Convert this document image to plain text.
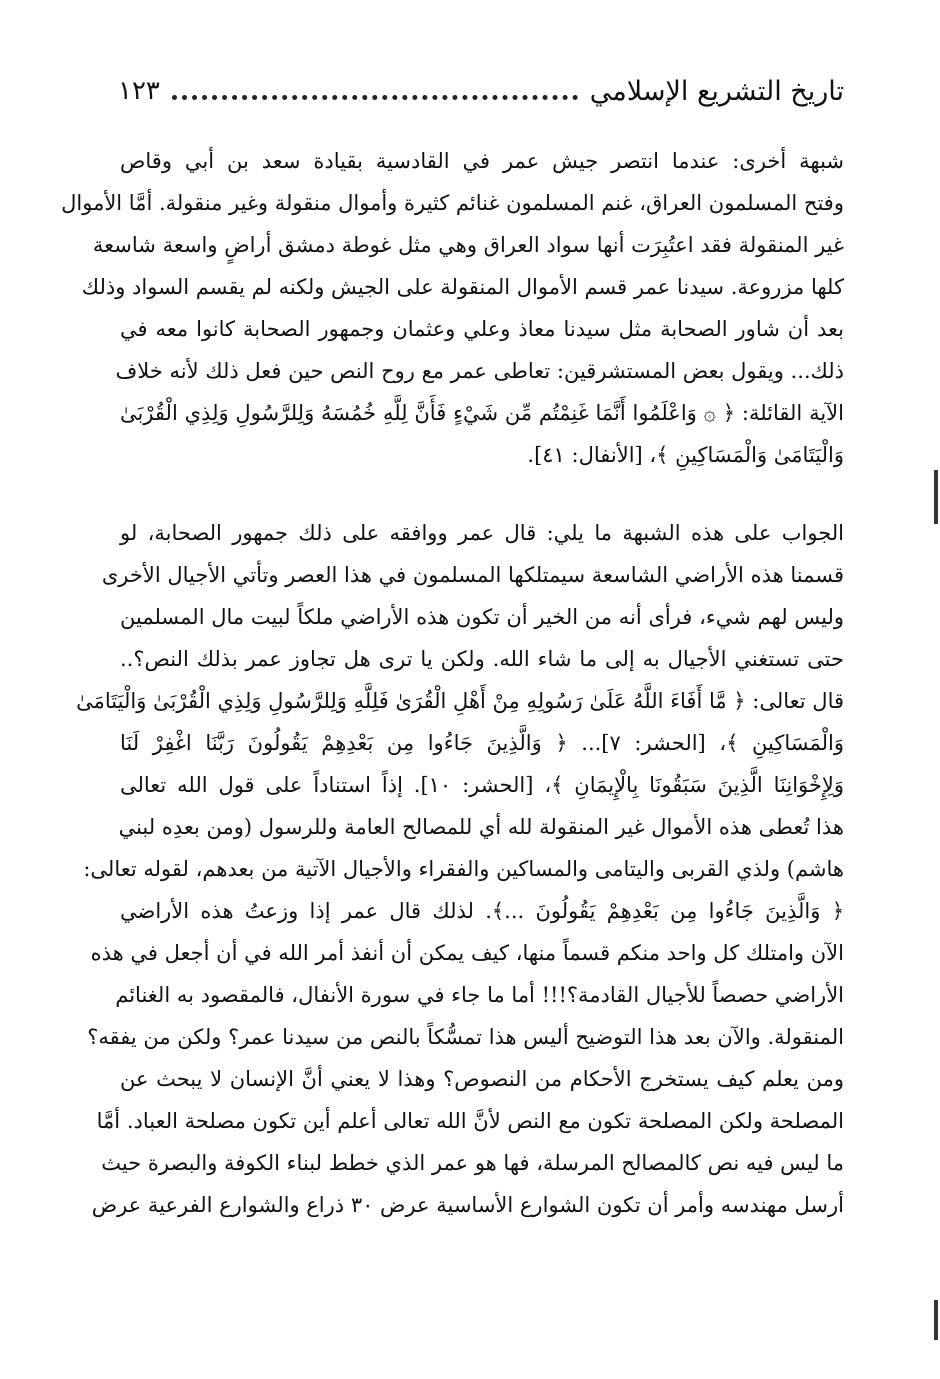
تاريخ التشريع الإسلامي
١٢٣
شبهة أخرى: عندما انتصر جيش عمر في القادسية بقيادة سعد بن أبي وقاص
وفتح المسلمون العراق، غنم المسلمون غنائم كثيرة وأموال منقولة وغير منقولة. أمَّا الأموال
غير المنقولة فقد اعتُبِرَت أنها سواد العراق وهي مثل غوطة دمشق أراضٍ واسعة شاسعة
كلها مزروعة. سيدنا عمر قسم الأموال المنقولة على الجيش ولكنه لم يقسم السواد وذلك
بعد أن شاور الصحابة مثل سيدنا معاذ وعلي وعثمان وجمهور الصحابة كانوا معه في
ذلك... ويقول بعض المستشرقين: تعاطى عمر مع روح النص حين فعل ذلك لأنه خلاف
الآية القائلة: ﴿ ۞ وَاعْلَمُوا أَنَّمَا غَنِمْتُم مِّن شَيْءٍ فَأَنَّ لِلَّهِ خُمُسَهُ وَلِلرَّسُولِ وَلِذِي الْقُرْبَىٰ
وَالْيَتَامَىٰ وَالْمَسَاكِينِ ﴾، [الأنفال: ٤١].
الجواب على هذه الشبهة ما يلي: قال عمر ووافقه على ذلك جمهور الصحابة، لو
قسمنا هذه الأراضي الشاسعة سيمتلكها المسلمون في هذا العصر وتأتي الأجيال الأخرى
وليس لهم شيء، فرأى أنه من الخير أن تكون هذه الأراضي ملكاً لبيت مال المسلمين
حتى تستغني الأجيال به إلى ما شاء الله. ولكن يا ترى هل تجاوز عمر بذلك النص؟..
قال تعالى: ﴿ مَّا أَفَاءَ اللَّهُ عَلَىٰ رَسُولِهِ مِنْ أَهْلِ الْقُرَىٰ فَلِلَّهِ وَلِلرَّسُولِ وَلِذِي الْقُرْبَىٰ وَالْيَتَامَىٰ
وَالْمَسَاكِينِ ﴾، [الحشر: ٧]... ﴿ وَالَّذِينَ جَاءُوا مِن بَعْدِهِمْ يَقُولُونَ رَبَّنَا اغْفِرْ لَنَا
وَلِإِخْوَانِنَا الَّذِينَ سَبَقُونَا بِالْإِيمَانِ ﴾، [الحشر: ١٠]. إذاً استناداً على قول الله تعالى
هذا تُعطى هذه الأموال غير المنقولة لله أي للمصالح العامة وللرسول (ومن بعدِه لبني
هاشم) ولذي القربى واليتامى والمساكين والفقراء والأجيال الآتية من بعدهم، لقوله تعالى:
﴿ وَالَّذِينَ جَاءُوا مِن بَعْدِهِمْ يَقُولُونَ ...﴾. لذلك قال عمر إذا وزعتُ هذه الأراضي
الآن وامتلك كل واحد منكم قسماً منها، كيف يمكن أن أنفذ أمر الله في أن أجعل في هذه
الأراضي حصصاً للأجيال القادمة؟!!! أما ما جاء في سورة الأنفال، فالمقصود به الغنائم
المنقولة. والآن بعد هذا التوضيح أليس هذا تمسُّكاً بالنص من سيدنا عمر؟ ولكن من يفقه؟
ومن يعلم كيف يستخرج الأحكام من النصوص؟ وهذا لا يعني أنَّ الإنسان لا يبحث عن
المصلحة ولكن المصلحة تكون مع النص لأنَّ الله تعالى أعلم أين تكون مصلحة العباد. أمَّا
ما ليس فيه نص كالمصالح المرسلة، فها هو عمر الذي خطط لبناء الكوفة والبصرة حيث
أرسل مهندسه وأمر أن تكون الشوارع الأساسية عرض ٣٠ ذراع والشوارع الفرعية عرض
